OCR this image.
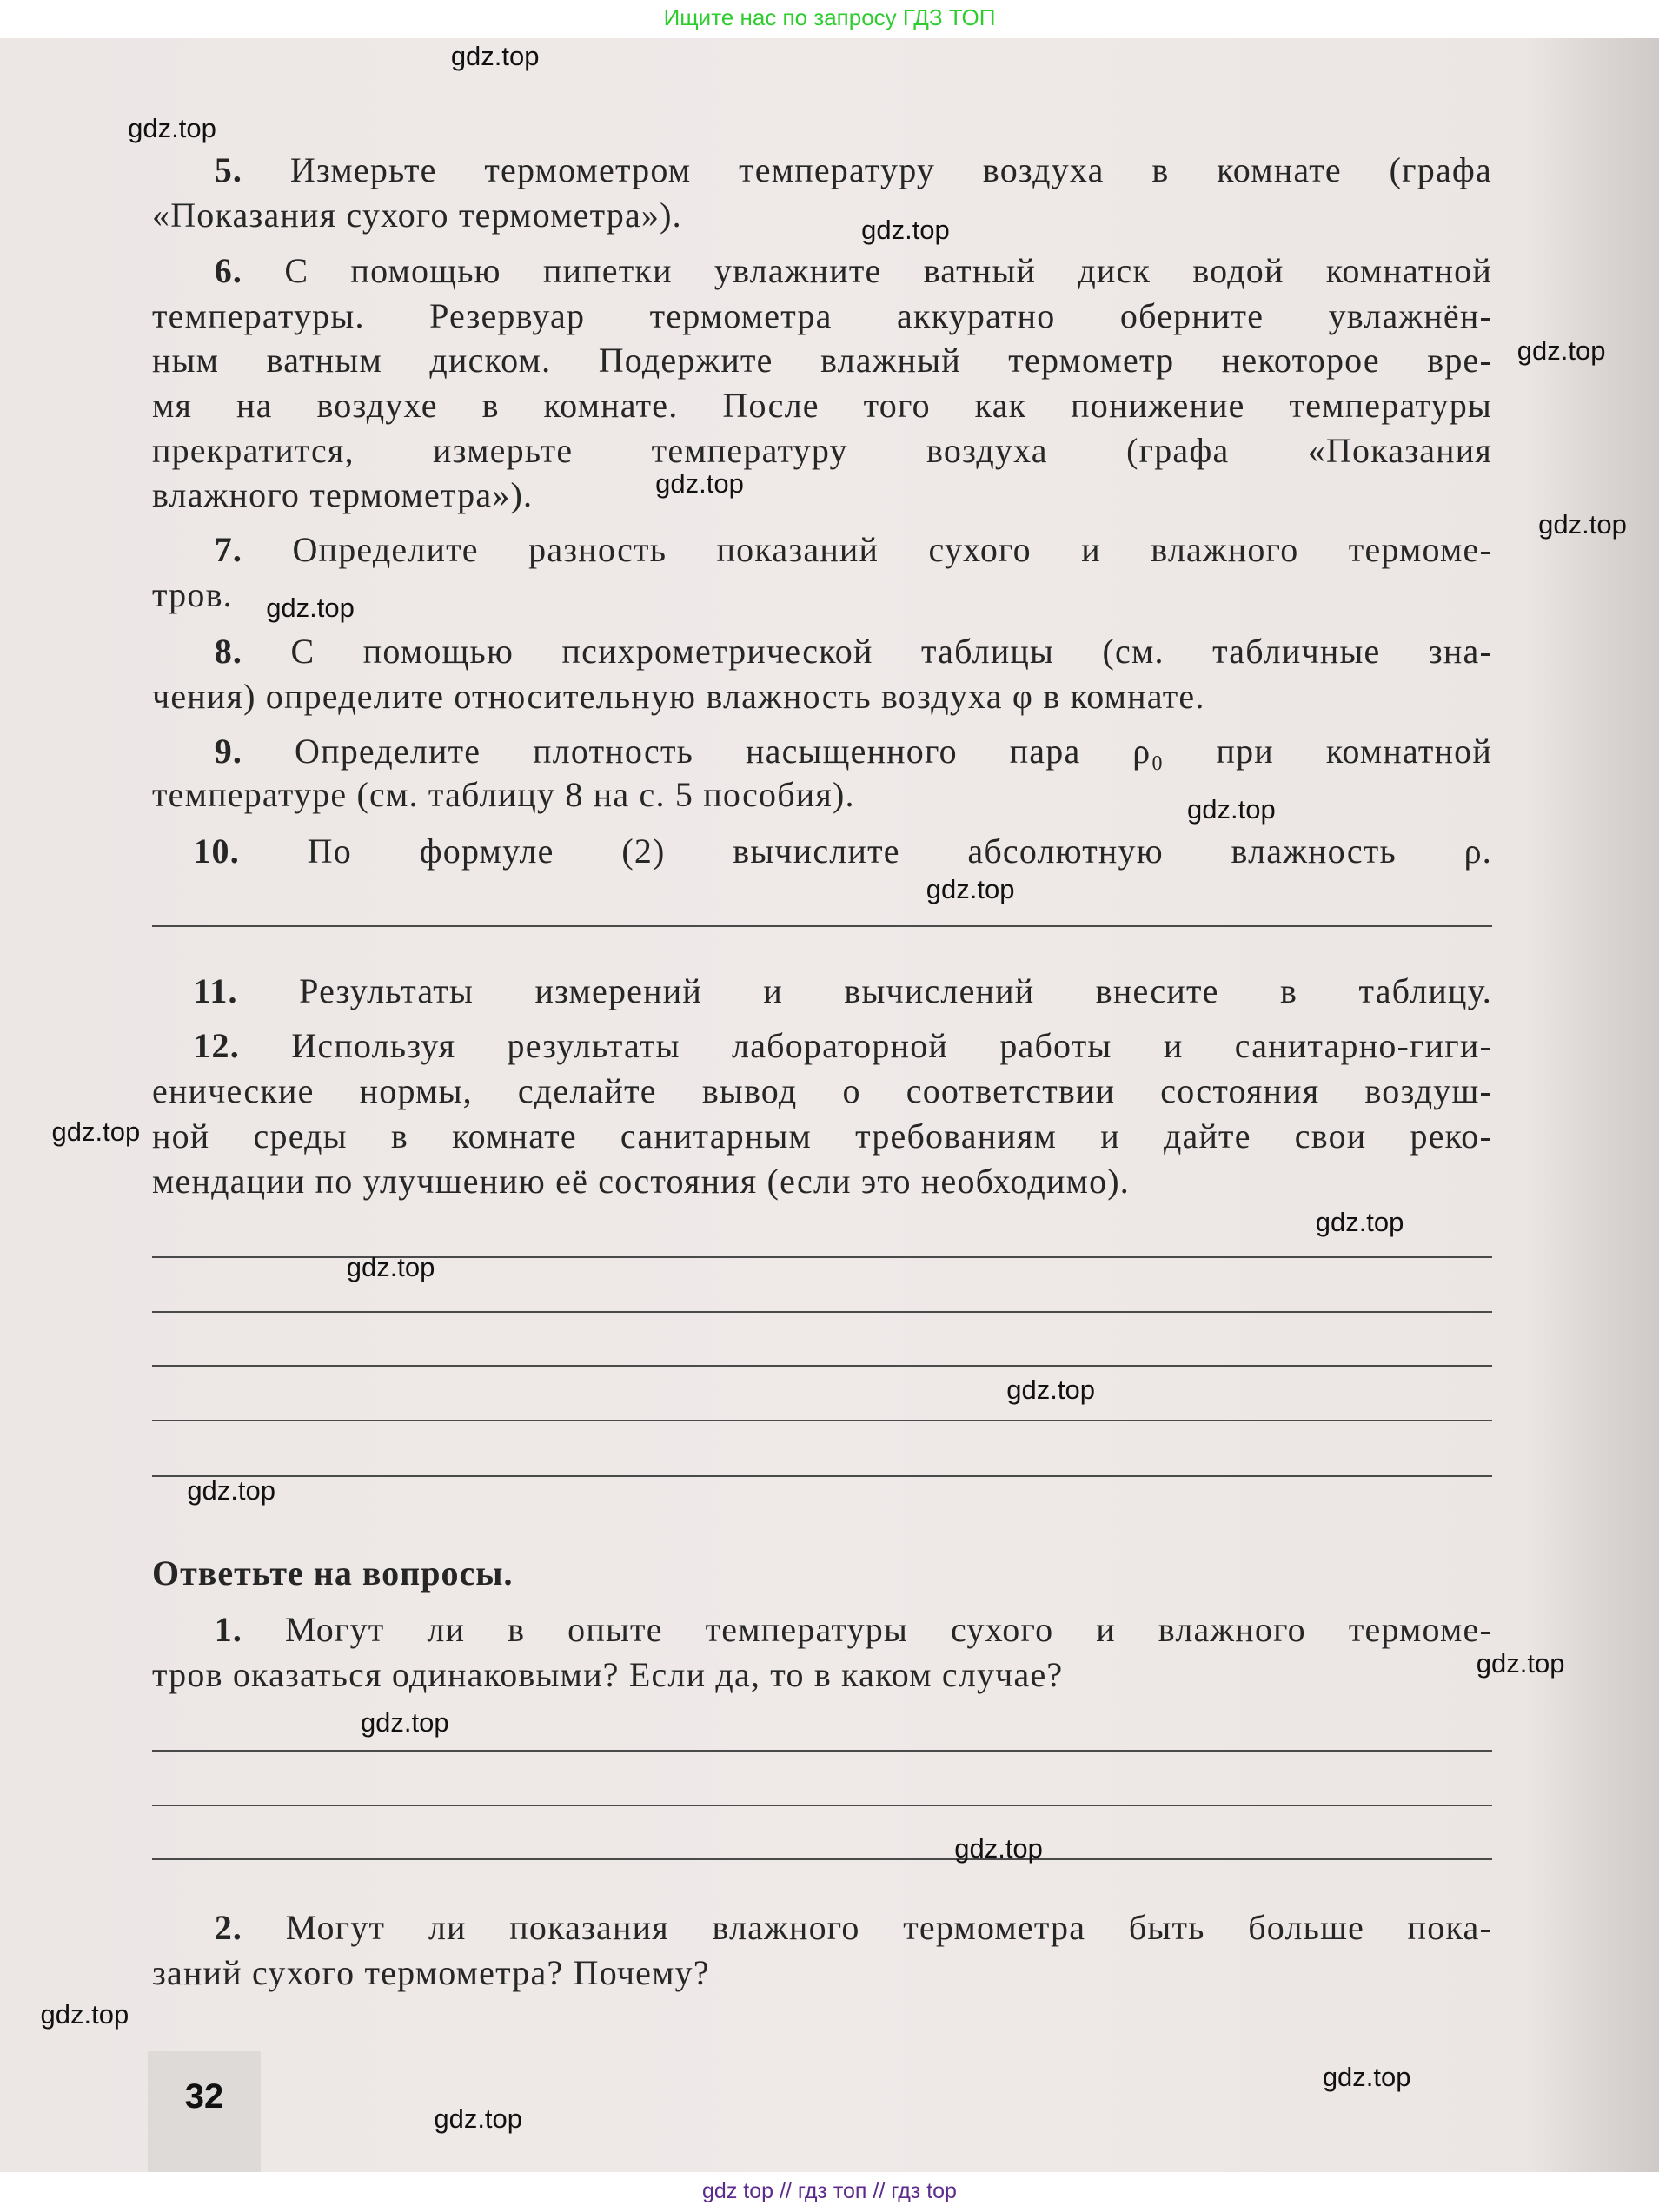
Ищите нас по запросу ГДЗ ТОП
5. Измерьте термометром температуру воздуха в комнате (графа
«Показания сухого термометра»).
6. С помощью пипетки увлажните ватный диск водой комнатной
температуры. Резервуар термометра аккуратно оберните увлажнён-
ным ватным диском. Подержите влажный термометр некоторое вре-
мя на воздухе в комнате. После того как понижение температуры
прекратится, измерьте температуру воздуха (графа «Показания
влажного термометра»).
7. Определите разность показаний сухого и влажного термоме-
тров.
8. С помощью психрометрической таблицы (см. табличные зна-
чения) определите относительную влажность воздуха φ в комнате.
9. Определите плотность насыщенного пара ρ₀ при комнатной
температуре (см. таблицу 8 на с. 5 пособия).
10. По формуле (2) вычислите абсолютную влажность ρ.
11. Результаты измерений и вычислений внесите в таблицу.
12. Используя результаты лабораторной работы и санитарно-гиги-
енические нормы, сделайте вывод о соответствии состояния воздуш-
ной среды в комнате санитарным требованиям и дайте свои реко-
мендации по улучшению её состояния (если это необходимо).
1. Могут ли в опыте температуры сухого и влажного термоме-
тров оказаться одинаковыми? Если да, то в каком случае?
2. Могут ли показания влажного термометра быть больше пока-
заний сухого термометра? Почему?
gdz.top
gdz.top
gdz.top
gdz.top
gdz.top
gdz.top
gdz.top
gdz.top
gdz.top
gdz.top
gdz.top
gdz.top
gdz.top
gdz.top
gdz.top
gdz.top
gdz.top
gdz.top
gdz.top
gdz.top
32
Ответьте на вопросы.
gdz top // гдз топ // гдз top
